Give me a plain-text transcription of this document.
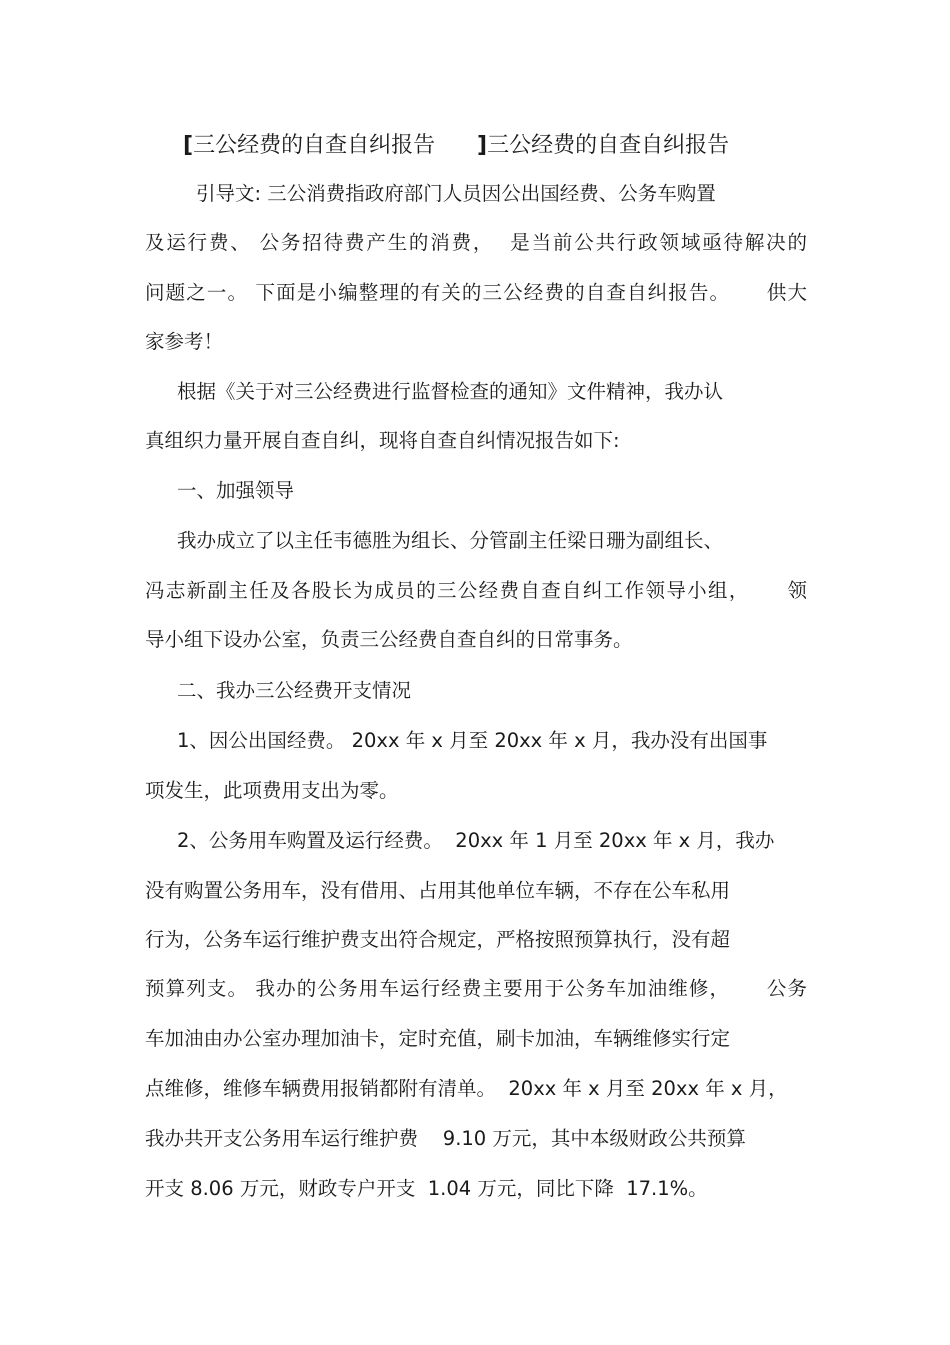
[三公经费的自查自纠报告 ]三公经费的自查自纠报告
引导文: 三公消费指政府部门人员因公出国经费、公务车购置
及运行费、 公务招待费产生的消费，  是当前公共行政领域亟待解决的
问题之一。 下面是小编整理的有关的三公经费的自查自纠报告。     供大
家参考！
根据《关于对三公经费进行监督检查的通知》文件精神，我办认
真组织力量开展自查自纠，现将自查自纠情况报告如下:
一、加强领导
我办成立了以主任韦德胜为组长、分管副主任梁日珊为副组长、
冯志新副主任及各股长为成员的三公经费自查自纠工作领导小组，     领
导小组下设办公室，负责三公经费自查自纠的日常事务。
二、我办三公经费开支情况
1、因公出国经费。 20xx 年 x 月至 20xx 年 x 月，我办没有出国事
项发生，此项费用支出为零。
2、公务用车购置及运行经费。  20xx 年 1 月至 20xx 年 x 月，我办
没有购置公务用车，没有借用、占用其他单位车辆，不存在公车私用
行为，公务车运行维护费支出符合规定，严格按照预算执行，没有超
预算列支。 我办的公务用车运行经费主要用于公务车加油维修，     公务
车加油由办公室办理加油卡，定时充值，刷卡加油，车辆维修实行定
点维修，维修车辆费用报销都附有清单。  20xx 年 x 月至 20xx 年 x 月，
我办共开支公务用车运行维护费    9.10 万元，其中本级财政公共预算
开支 8.06 万元，财政专户开支  1.04 万元，同比下降  17.1%。
